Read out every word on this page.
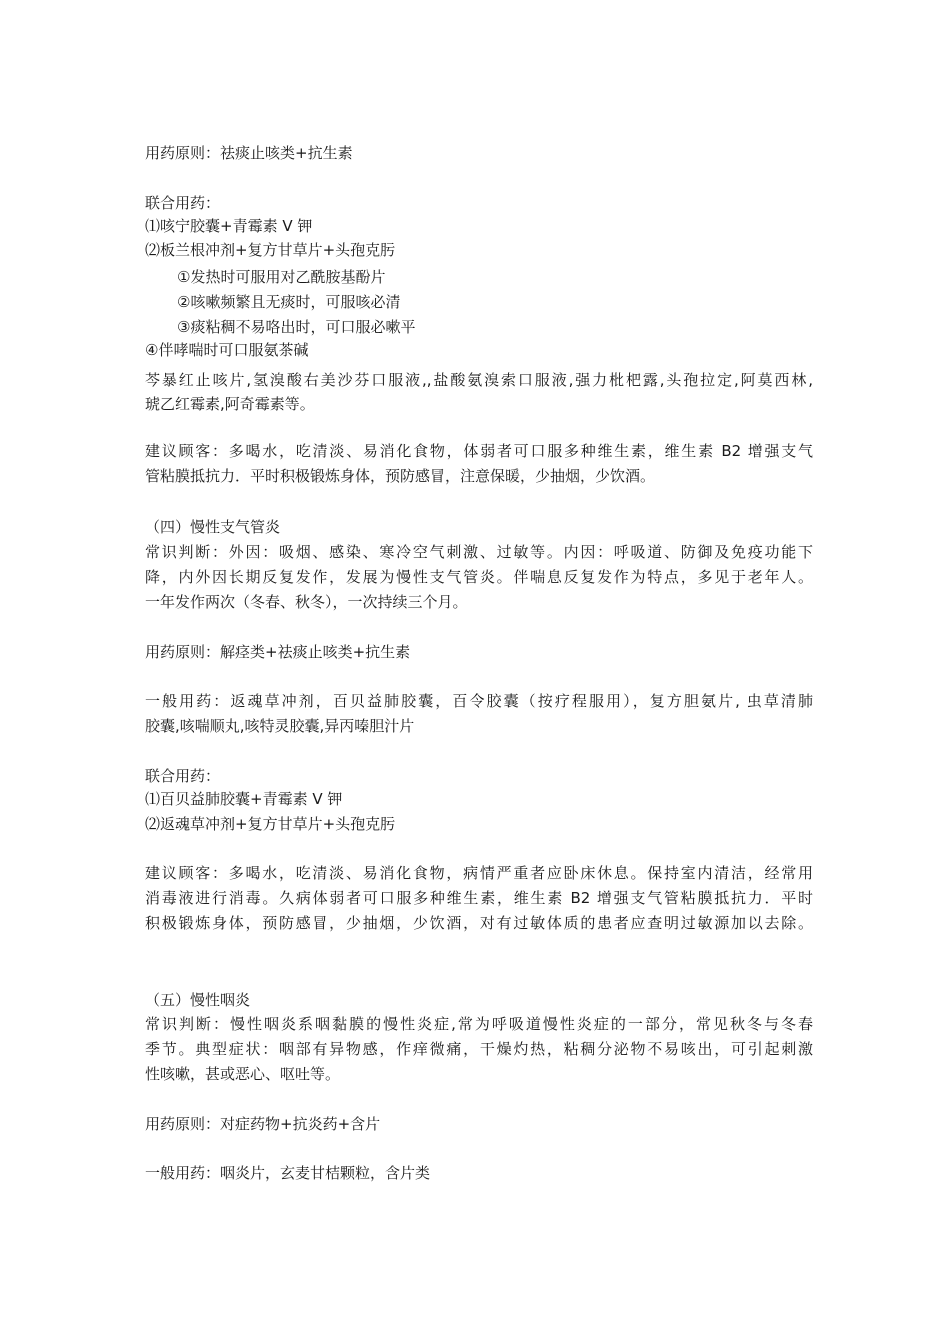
用药原则：祛痰止咳类+抗生素

联合用药：

⑴咳宁胶囊+青霉素 V 钾

⑵板兰根冲剂+复方甘草片+头孢克肟

①发热时可服用对乙酰胺基酚片

②咳嗽频繁且无痰时，可服咳必清

③痰粘稠不易咯出时，可口服必嗽平

④伴哮喘时可口服氨茶碱

芩暴红止咳片,氢溴酸右美沙芬口服液,,盐酸氨溴索口服液,强力枇杷露,头孢拉定,阿莫西林,

琥乙红霉素,阿奇霉素等。

建议顾客：多喝水，吃清淡、易消化食物，体弱者可口服多种维生素，维生素 B2 增强支气

管粘膜抵抗力．平时积极锻炼身体，预防感冒，注意保暖，少抽烟，少饮酒。

（四）慢性支气管炎

常识判断：外因：吸烟、感染、寒冷空气刺激、过敏等。内因：呼吸道、防御及免疫功能下

降，内外因长期反复发作，发展为慢性支气管炎。伴喘息反复发作为特点，多见于老年人。

一年发作两次（冬春、秋冬），一次持续三个月。

用药原则：解痉类+祛痰止咳类+抗生素

一般用药：返魂草冲剂，百贝益肺胶囊，百令胶囊（按疗程服用），复方胆氨片, 虫草清肺

胶囊,咳喘顺丸,咳特灵胶囊,异丙嗪胆汁片

联合用药：

⑴百贝益肺胶囊+青霉素 V 钾

⑵返魂草冲剂+复方甘草片+头孢克肟

建议顾客：多喝水，吃清淡、易消化食物，病情严重者应卧床休息。保持室内清洁，经常用

消毒液进行消毒。久病体弱者可口服多种维生素，维生素 B2 增强支气管粘膜抵抗力．平时

积极锻炼身体，预防感冒，少抽烟，少饮酒，对有过敏体质的患者应查明过敏源加以去除。

（五）慢性咽炎

常识判断：慢性咽炎系咽黏膜的慢性炎症,常为呼吸道慢性炎症的一部分，常见秋冬与冬春

季节。典型症状：咽部有异物感，作痒微痛，干燥灼热，粘稠分泌物不易咳出，可引起刺激

性咳嗽，甚或恶心、呕吐等。

用药原则：对症药物+抗炎药+含片

一般用药：咽炎片，玄麦甘桔颗粒，含片类
